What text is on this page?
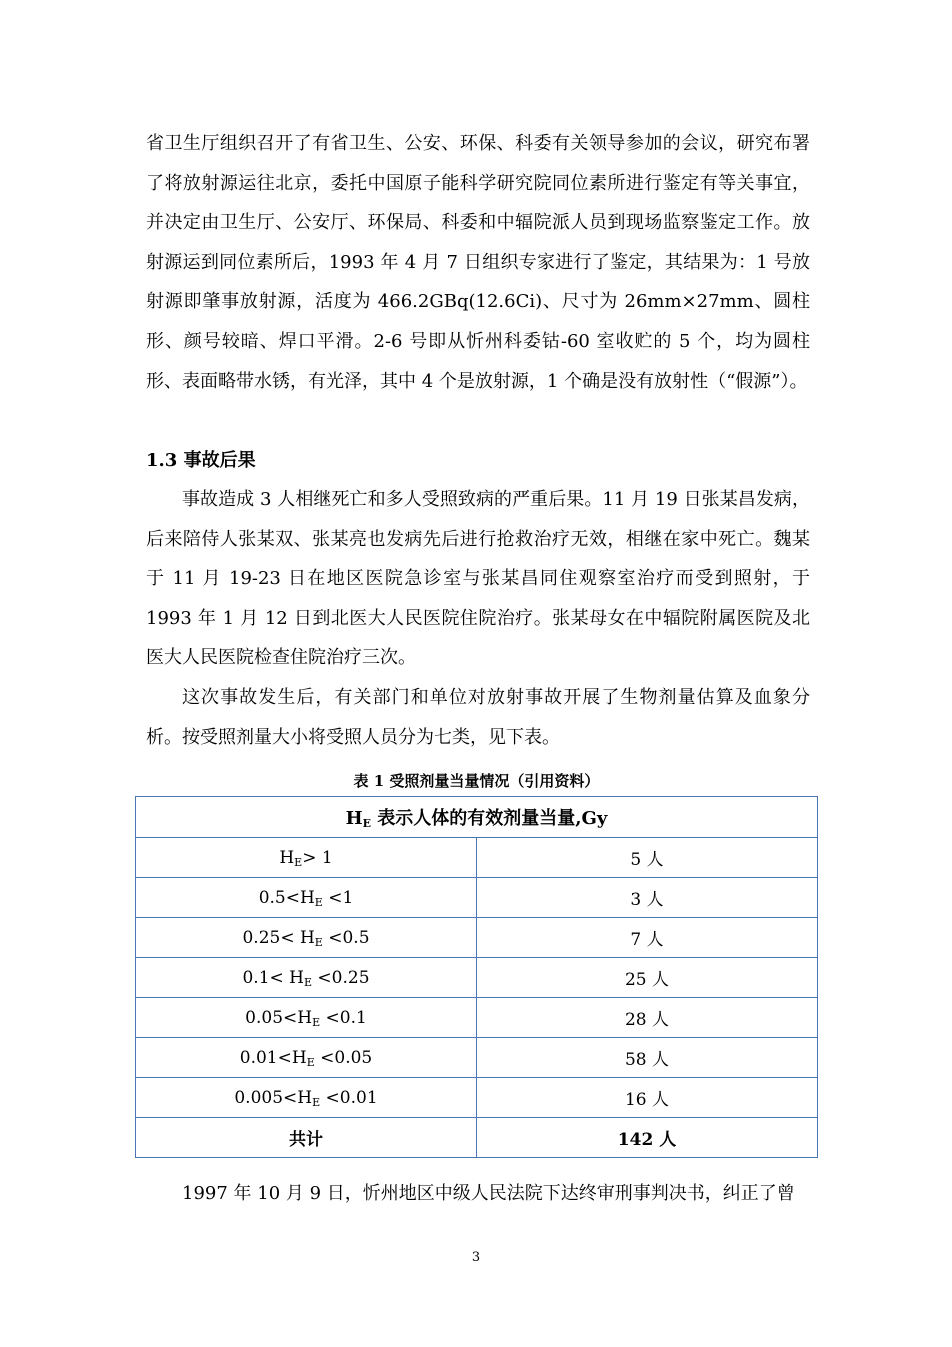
省卫生厅组织召开了有省卫生、公安、环保、科委有关领导参加的会议，研究布署了将放射源运往北京，委托中国原子能科学研究院同位素所进行鉴定有等关事宜，并决定由卫生厅、公安厅、环保局、科委和中辐院派人员到现场监察鉴定工作。放射源运到同位素所后，1993 年 4 月 7 日组织专家进行了鉴定，其结果为：1 号放射源即肇事放射源，活度为 466.2GBq(12.6Ci)、尺寸为 26mm×27mm、圆柱形、颜号较暗、焊口平滑。2-6 号即从忻州科委钴-60 室收贮的 5 个，均为圆柱形、表面略带水锈，有光泽，其中 4 个是放射源，1 个确是没有放射性（“假源”）。

1.3 事故后果

事故造成 3 人相继死亡和多人受照致病的严重后果。11 月 19 日张某昌发病，后来陪侍人张某双、张某亮也发病先后进行抢救治疗无效，相继在家中死亡。魏某于 11 月 19-23 日在地区医院急诊室与张某昌同住观察室治疗而受到照射，于 1993 年 1 月 12 日到北医大人民医院住院治疗。张某母女在中辐院附属医院及北医大人民医院检查住院治疗三次。

这次事故发生后，有关部门和单位对放射事故开展了生物剂量估算及血象分析。按受照剂量大小将受照人员分为七类，见下表。

表 1 受照剂量当量情况（引用资料）
$H_E$ 表示人体的有效剂量当量,Gy	
$H_E> 1$	5 人
$0.5<H_E <1$	3 人
$0.25< H_E <0.5$	7 人
$0.1< H_E <0.25$	25 人
$0.05<H_E <0.1$	28 人
$0.01<H_E <0.05$	58 人
$0.005<H_E <0.01$	16 人
共计	142 人

1997 年 10 月 9 日，忻州地区中级人民法院下达终审刑事判决书，纠正了曾

3
